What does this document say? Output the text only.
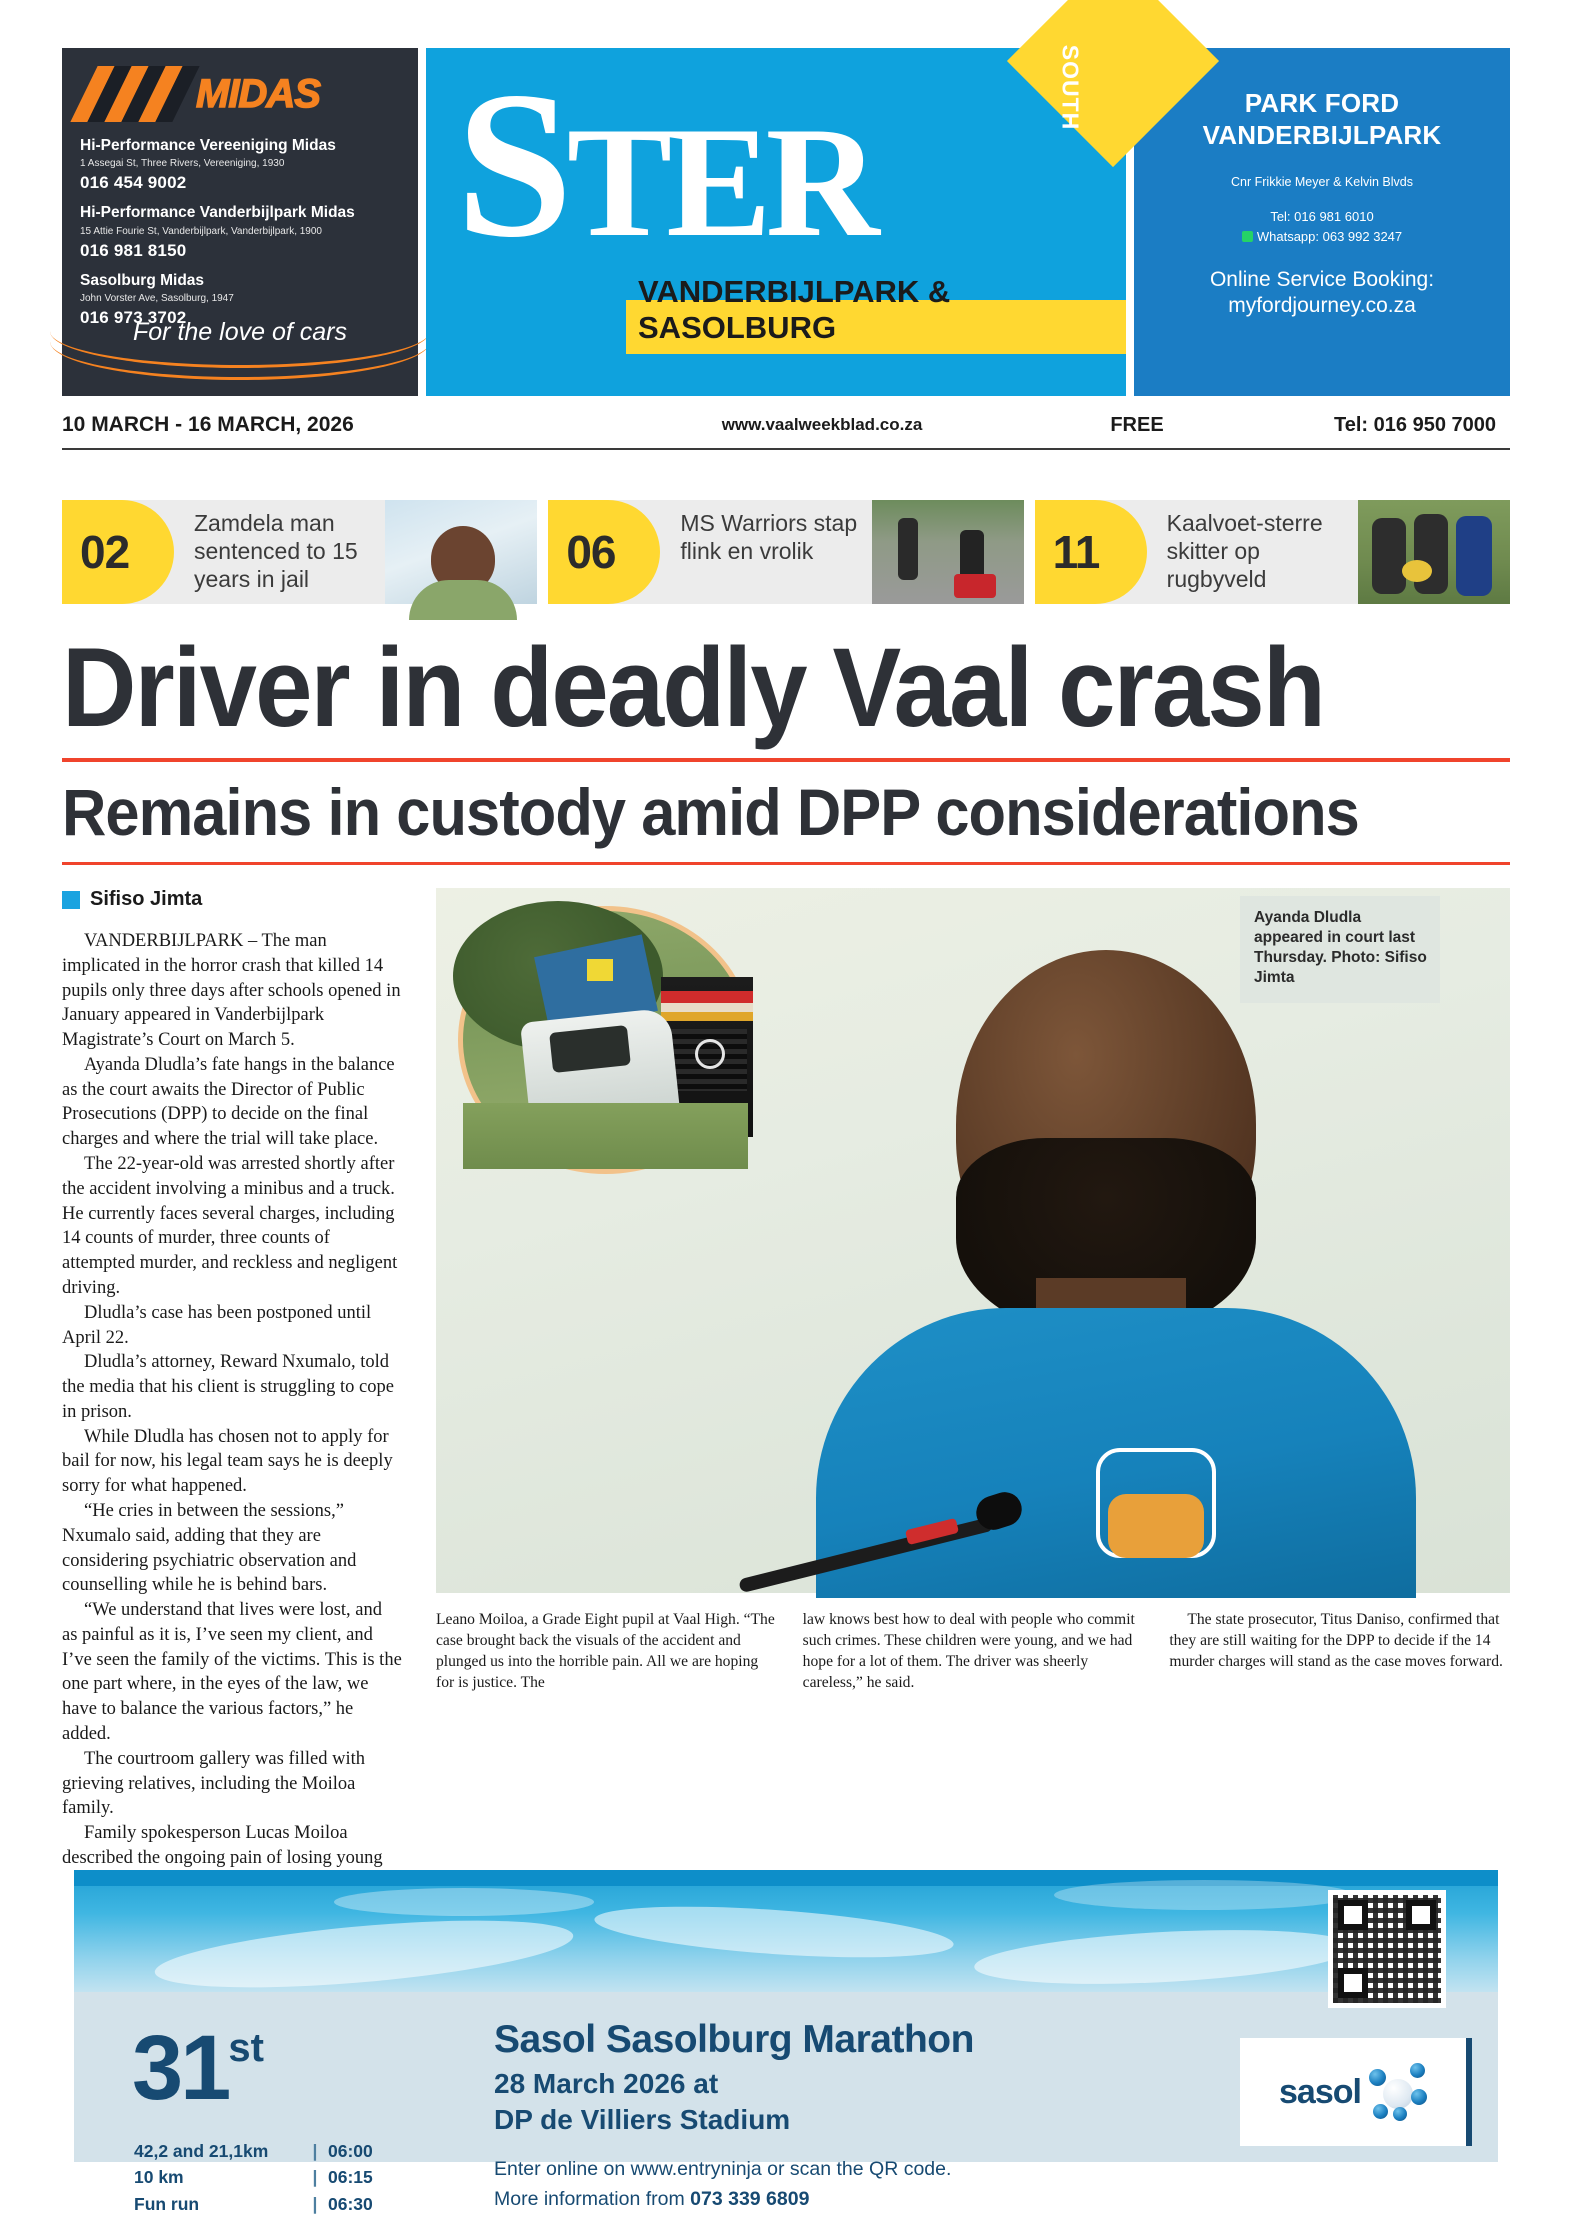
MIDAS
Hi-Performance Vereeniging Midas
1 Assegai St, Three Rivers, Vereeniging, 1930
016 454 9002
Hi-Performance Vanderbijlpark Midas
15 Attie Fourie St, Vanderbijlpark, Vanderbijlpark, 1900
016 981 8150
Sasolburg Midas
John Vorster Ave, Sasolburg, 1947
016 973 3702
For the love of cars
STER
VANDERBIJLPARK & SASOLBURG
SOUTH	PARK FORD
VANDERBIJLPARK
Cnr Frikkie Meyer & Kelvin Blvds
Tel: 016 981 6010
Whatsapp: 063 992 3247
Online Service Booking:
myfordjourney.co.za
10 MARCH - 16 MARCH, 2026	www.vaalweekblad.co.za	FREE	Tel: 016 950 7000
02
Zamdela man sentenced to 15 years in jail
06
MS Warriors stap flink en vrolik	11
Kaalvoet-sterre skitter op rugbyveld
Driver in deadly Vaal crash
Remains in custody amid DPP considerations
Sifiso Jimta

VANDERBIJLPARK – The man implicated in the horror crash that killed 14 pupils only three days after schools opened in January appeared in Vanderbijlpark Magistrate’s Court on March 5.

Ayanda Dludla’s fate hangs in the balance as the court awaits the Director of Public Prosecutions (DPP) to decide on the final charges and where the trial will take place.

The 22-year-old was arrested shortly after the accident involving a minibus and a truck. He currently faces several charges, including 14 counts of murder, three counts of attempted murder, and reckless and negligent driving.

Dludla’s case has been postponed until April 22.

Dludla’s attorney, Reward Nxumalo, told the media that his client is struggling to cope in prison.

While Dludla has chosen not to apply for bail for now, his legal team says he is deeply sorry for what happened.

“He cries in between the sessions,” Nxumalo said, adding that they are considering psychiatric observation and counselling while he is behind bars.

“We understand that lives were lost, and as painful as it is, I’ve seen my client, and I’ve seen the family of the victims. This is the one part where, in the eyes of the law, we have to balance the various factors,” he added.

The courtroom gallery was filled with grieving relatives, including the Moiloa family.

Family spokesperson Lucas Moiloa described the ongoing pain of losing young

Ayanda Dludla appeared in court last Thursday. Photo: Sifiso Jimta

Leano Moiloa, a Grade Eight pupil at Vaal High. “The case brought back the visuals of the accident and plunged us into the horrible pain. All we are hoping for is justice. The

law knows best how to deal with people who commit such crimes. These children were young, and we had hope for a lot of them. The driver was sheerly careless,” he said.

The state prosecutor, Titus Daniso, confirmed that they are still waiting for the DPP to decide if the 14 murder charges will stand as the case moves forward.

31st
42,2 and 21,1km	|	06:00
10 km	|	06:15
Fun run	|	06:30
Sasol Sasolburg Marathon
28 March 2026 at
DP de Villiers Stadium
Enter online on www.entryninja or scan the QR code.
More information from 073 339 6809
sasol
